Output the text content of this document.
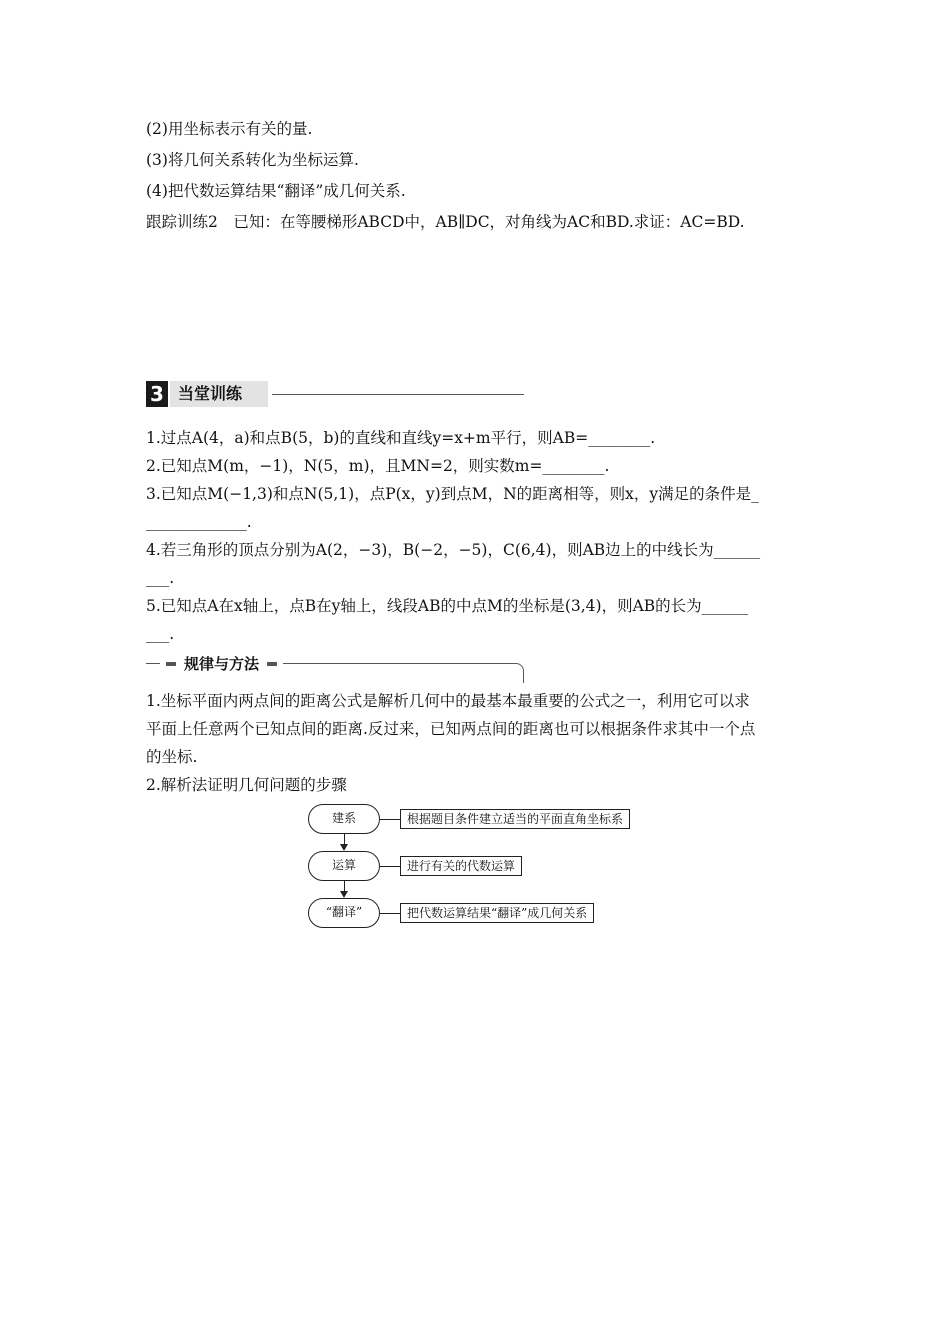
(2)用坐标表示有关的量.
(3)将几何关系转化为坐标运算.
(4)把代数运算结果“翻译”成几何关系.
跟踪训练2　已知：在等腰梯形ABCD中，AB∥DC，对角线为AC和BD.求证：AC=BD.
3 当堂训练
1.过点A(4，a)和点B(5，b)的直线和直线y=x+m平行，则AB=________.
2.已知点M(m，−1)，N(5，m)，且MN=2，则实数m=________.
3.已知点M(−1,3)和点N(5,1)，点P(x，y)到点M，N的距离相等，则x，y满足的条件是_
_____________.
4.若三角形的顶点分别为A(2，−3)，B(−2，−5)，C(6,4)，则AB边上的中线长为______
___.
5.已知点A在x轴上，点B在y轴上，线段AB的中点M的坐标是(3,4)，则AB的长为______
___.
规律与方法
1.坐标平面内两点间的距离公式是解析几何中的最基本最重要的公式之一，利用它可以求
平面上任意两个已知点间的距离.反过来，已知两点间的距离也可以根据条件求其中一个点
的坐标.
2.解析法证明几何问题的步骤
建系	根据题目条件建立适当的平面直角坐标系
运算	进行有关的代数运算
“翻译”	把代数运算结果“翻译”成几何关系
